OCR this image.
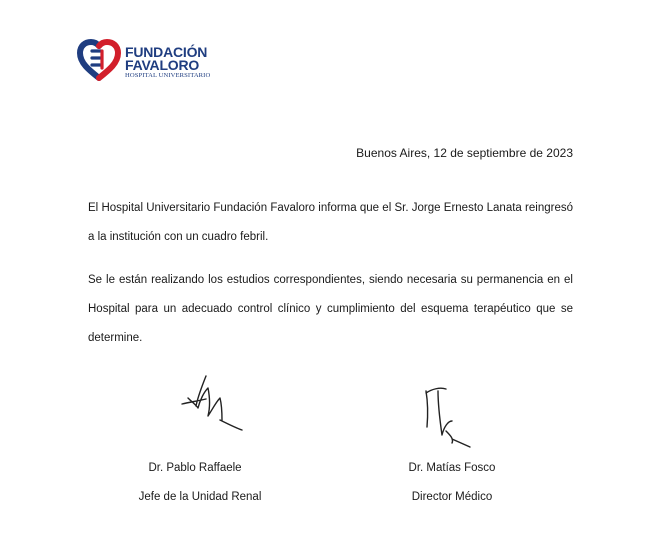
FUNDACIÓN
FAVALORO
HOSPITAL UNIVERSITARIO
Buenos Aires, 12 de septiembre de 2023

El Hospital Universitario Fundación Favaloro informa que el Sr. Jorge Ernesto Lanata reingresó a la institución con un cuadro febril.

Se le están realizando los estudios correspondientes, siendo necesaria su permanencia en el Hospital para un adecuado control clínico y cumplimiento del esquema terapéutico que se determine.

Dr. Pablo Raffaele
Jefe de la Unidad Renal
Dr. Matías Fosco
Director Médico
